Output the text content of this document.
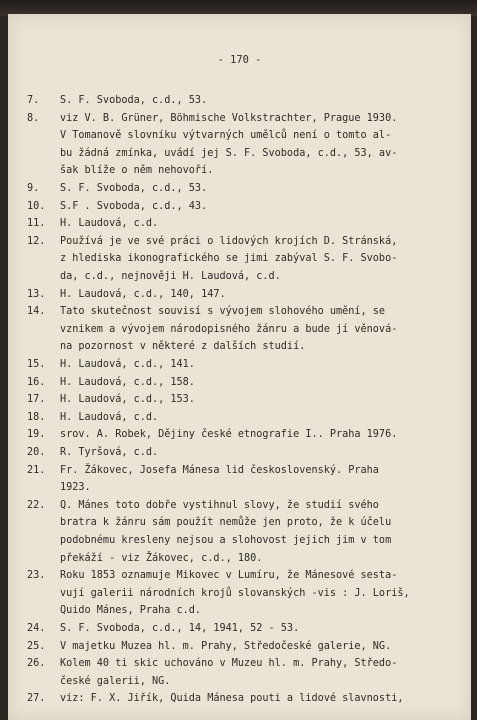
- 170 -
7.	S. F. Svoboda, c.d., 53.
8.	viz V. B. Grüner, Böhmische Volkstrachter, Prague 1930.
V Tomanově slovníku výtvarných umělců není o tomto al-
bu žádná zmínka, uvádí jej S. F. Svoboda, c.d., 53, av-
šak blíže o něm nehovoří.
9.	S. F. Svoboda, c.d., 53.
10.	S.F . Svoboda, c.d., 43.
11.	H. Laudová, c.d.
12.	Používá je ve své práci o lidových krojích D. Stránská,
z hlediska ikonografického se jimi zabýval S. F. Svobo-
da, c.d., nejnověji H. Laudová, c.d.
13.	H. Laudová, c.d., 140, 147.
14.	Tato skutečnost souvisí s vývojem slohového umění, se
vznikem a vývojem národopisného žánru a bude jí věnová-
na pozornost v některé z dalších studií.
15.	H. Laudová, c.d., 141.
16.	H. Laudová, c.d., 158.
17.	H. Laudová, c.d., 153.
18.	H. Laudová, c.d.
19.	srov. A. Robek, Dějiny české etnografie I.. Praha 1976.
20.	R. Tyršová, c.d.
21.	Fr. Žákovec, Josefa Mánesa lid československý. Praha
1923.
22.	Q. Mánes toto dobře vystihnul slovy, že studií svého
bratra k žánru sám použít nemůže jen proto, že k účelu
podobnému kresleny nejsou a slohovost jejich jim v tom
překáží - viz Žákovec, c.d., 180.
23.	Roku 1853 oznamuje Mikovec v Lumíru, že Mánesové sesta-
vují galerii národních krojů slovanských -vis : J. Loriš,
Quido Mánes, Praha c.d.
24.	S. F. Svoboda, c.d., 14, 1941, 52 - 53.
25.	V majetku Muzea hl. m. Prahy, Středočeské galerie, NG.
26.	Kolem 40 ti skic uchováno v Muzeu hl. m. Prahy, Středo-
české galerii, NG.
27.	viz: F. X. Jiřík, Quida Mánesa pouti a lidové slavnosti,
